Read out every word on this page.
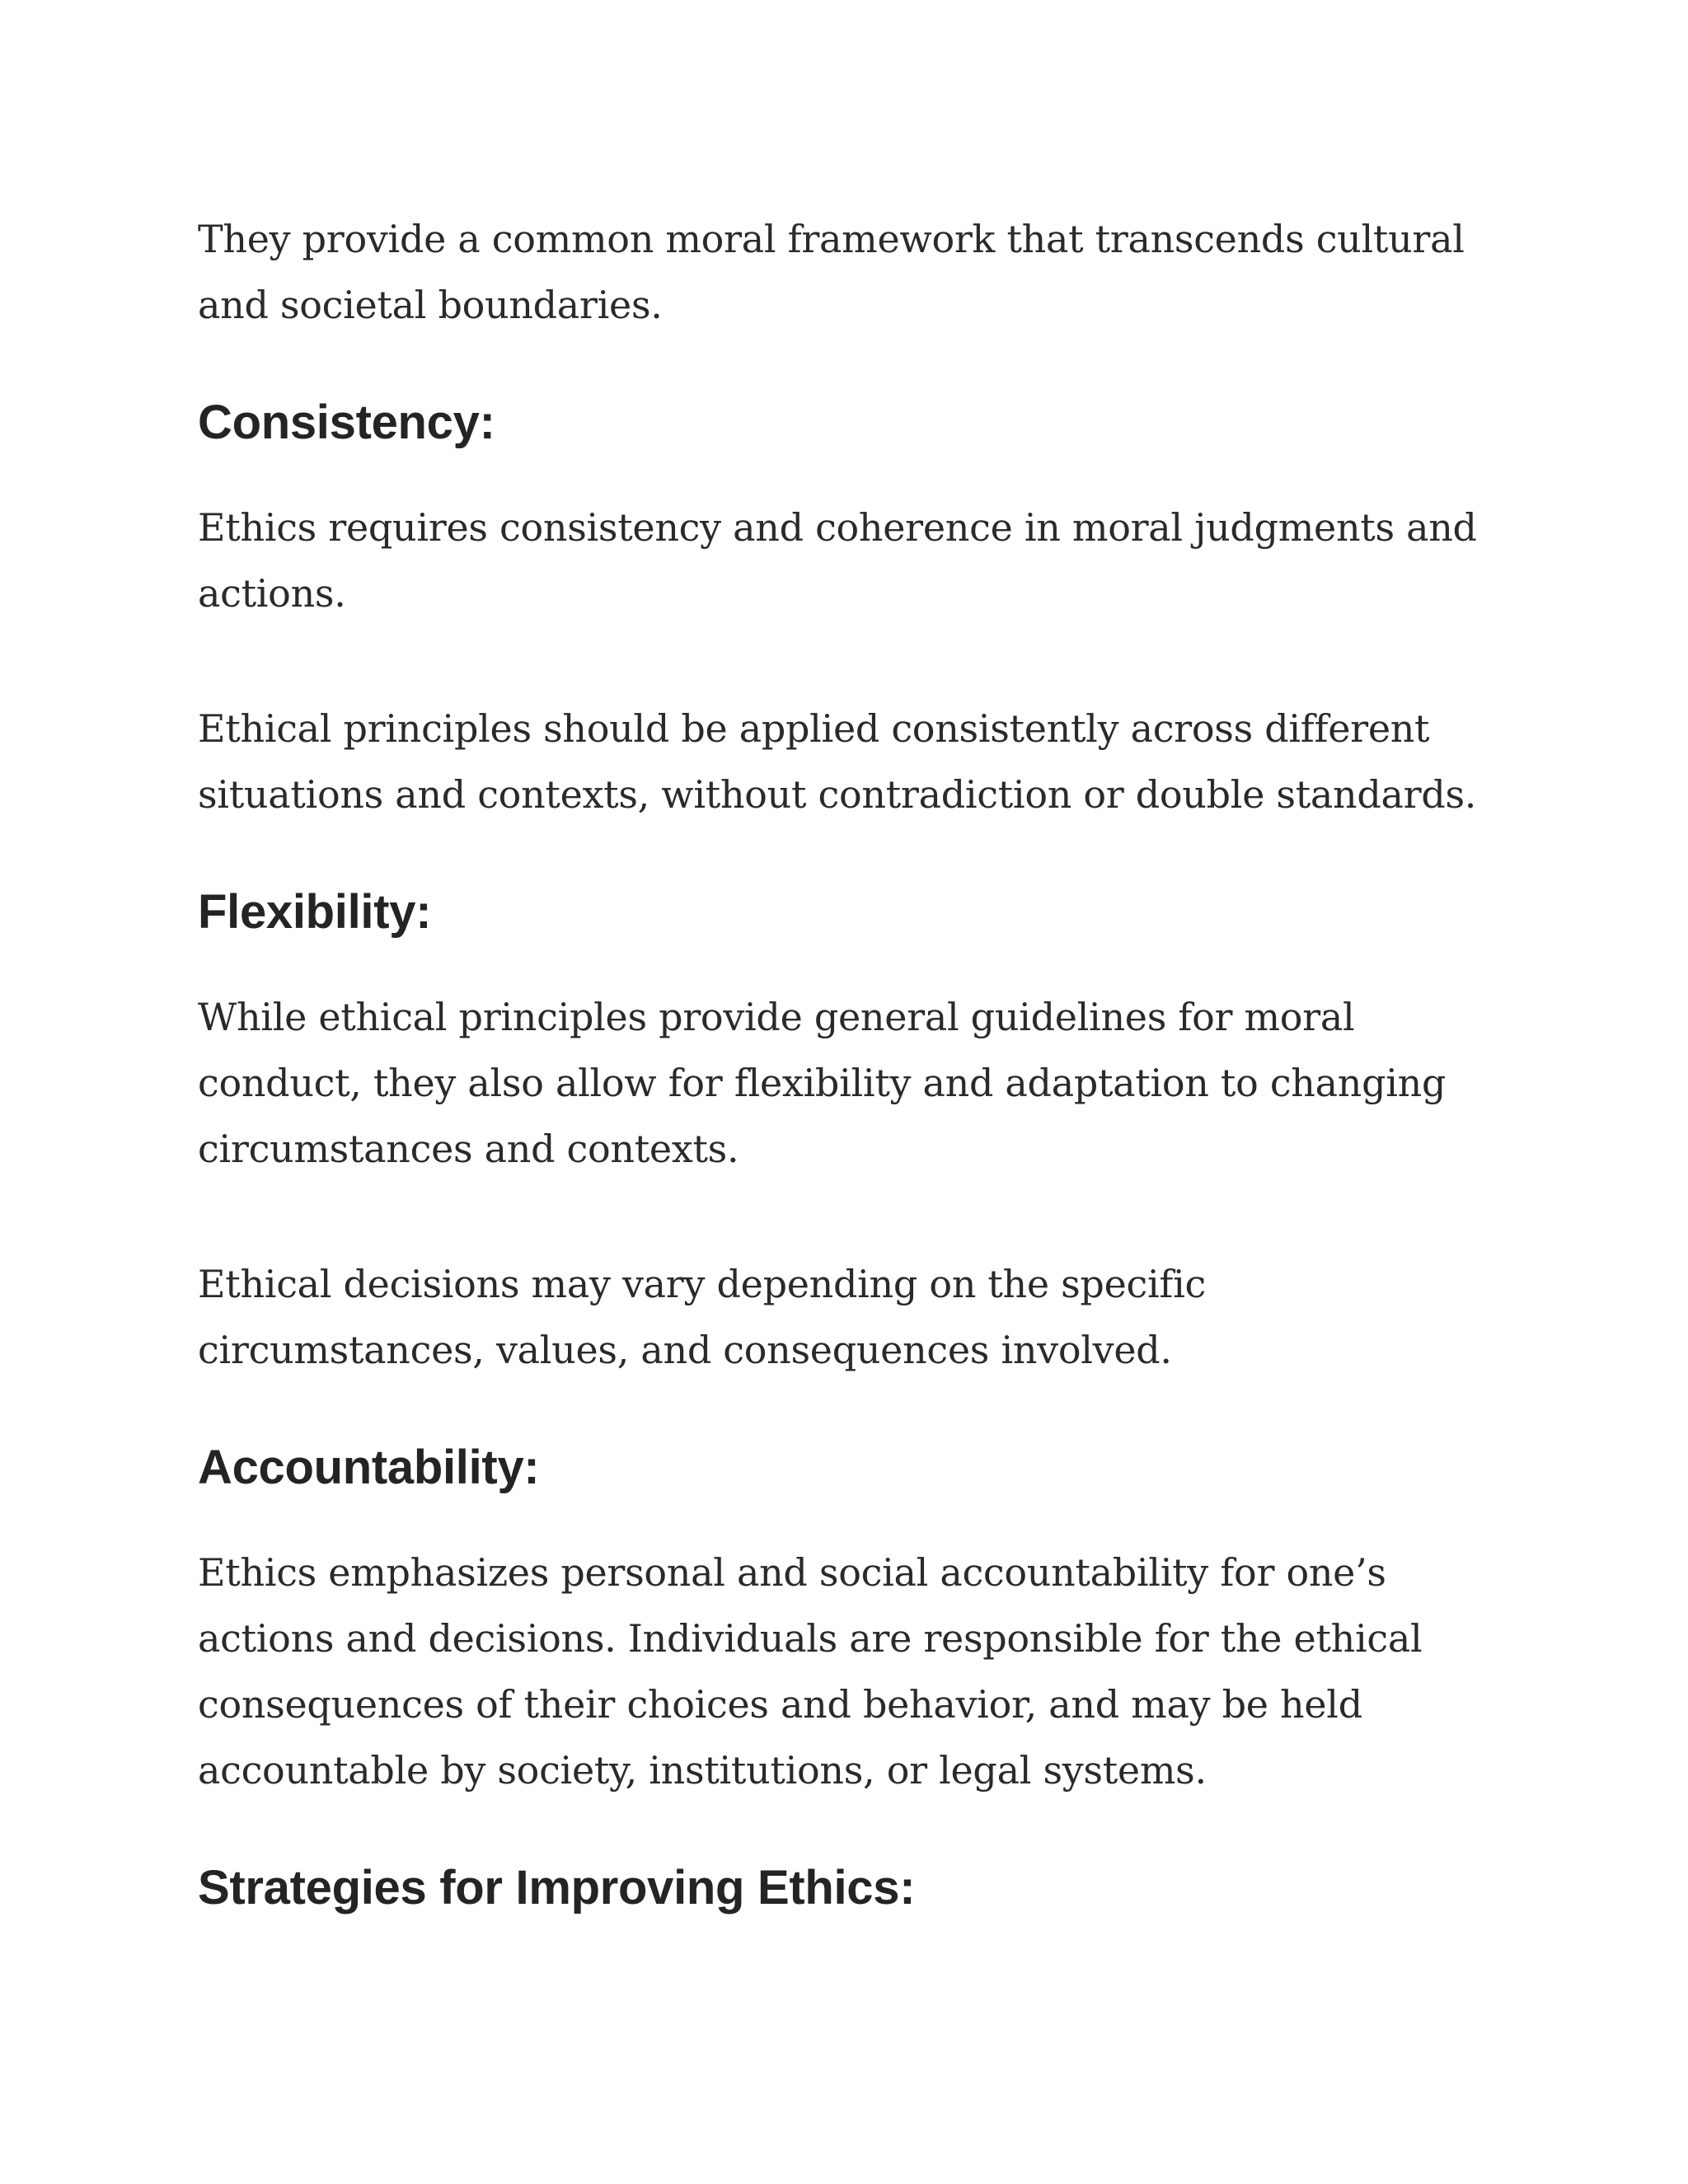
They provide a common moral framework that transcends cultural and societal boundaries.

Consistency:

Ethics requires consistency and coherence in moral judgments and actions.

Ethical principles should be applied consistently across different situations and contexts, without contradiction or double standards.

Flexibility:

While ethical principles provide general guidelines for moral conduct, they also allow for flexibility and adaptation to changing circumstances and contexts.

Ethical decisions may vary depending on the specific circumstances, values, and consequences involved.

Accountability:

Ethics emphasizes personal and social accountability for one’s actions and decisions. Individuals are responsible for the ethical consequences of their choices and behavior, and may be held accountable by society, institutions, or legal systems.

Strategies for Improving Ethics:
